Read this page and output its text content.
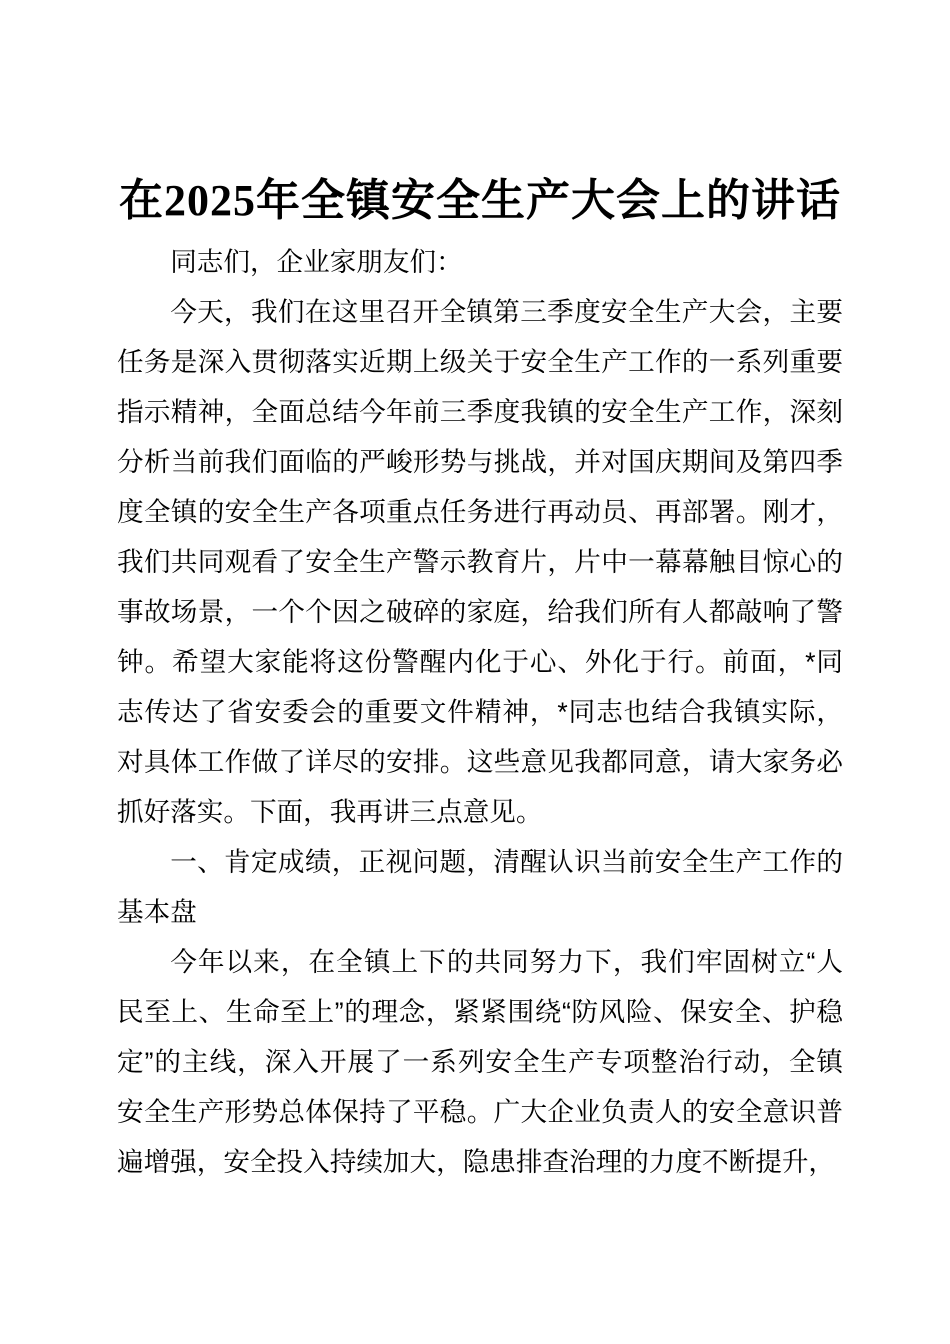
在2025年全镇安全生产大会上的讲话

同志们，企业家朋友们：

今天，我们在这里召开全镇第三季度安全生产大会，主要任务是深入贯彻落实近期上级关于安全生产工作的一系列重要指示精神，全面总结今年前三季度我镇的安全生产工作，深刻分析当前我们面临的严峻形势与挑战，并对国庆期间及第四季度全镇的安全生产各项重点任务进行再动员、再部署。刚才，我们共同观看了安全生产警示教育片，片中一幕幕触目惊心的事故场景，一个个因之破碎的家庭，给我们所有人都敲响了警钟。希望大家能将这份警醒内化于心、外化于行。前面，*同志传达了省安委会的重要文件精神，*同志也结合我镇实际，对具体工作做了详尽的安排。这些意见我都同意，请大家务必抓好落实。下面，我再讲三点意见。

一、肯定成绩，正视问题，清醒认识当前安全生产工作的基本盘

今年以来，在全镇上下的共同努力下，我们牢固树立“人民至上、生命至上”的理念，紧紧围绕“防风险、保安全、护稳定”的主线，深入开展了一系列安全生产专项整治行动，全镇安全生产形势总体保持了平稳。广大企业负责人的安全意识普遍增强，安全投入持续加大，隐患排查治理的力度不断提升，
